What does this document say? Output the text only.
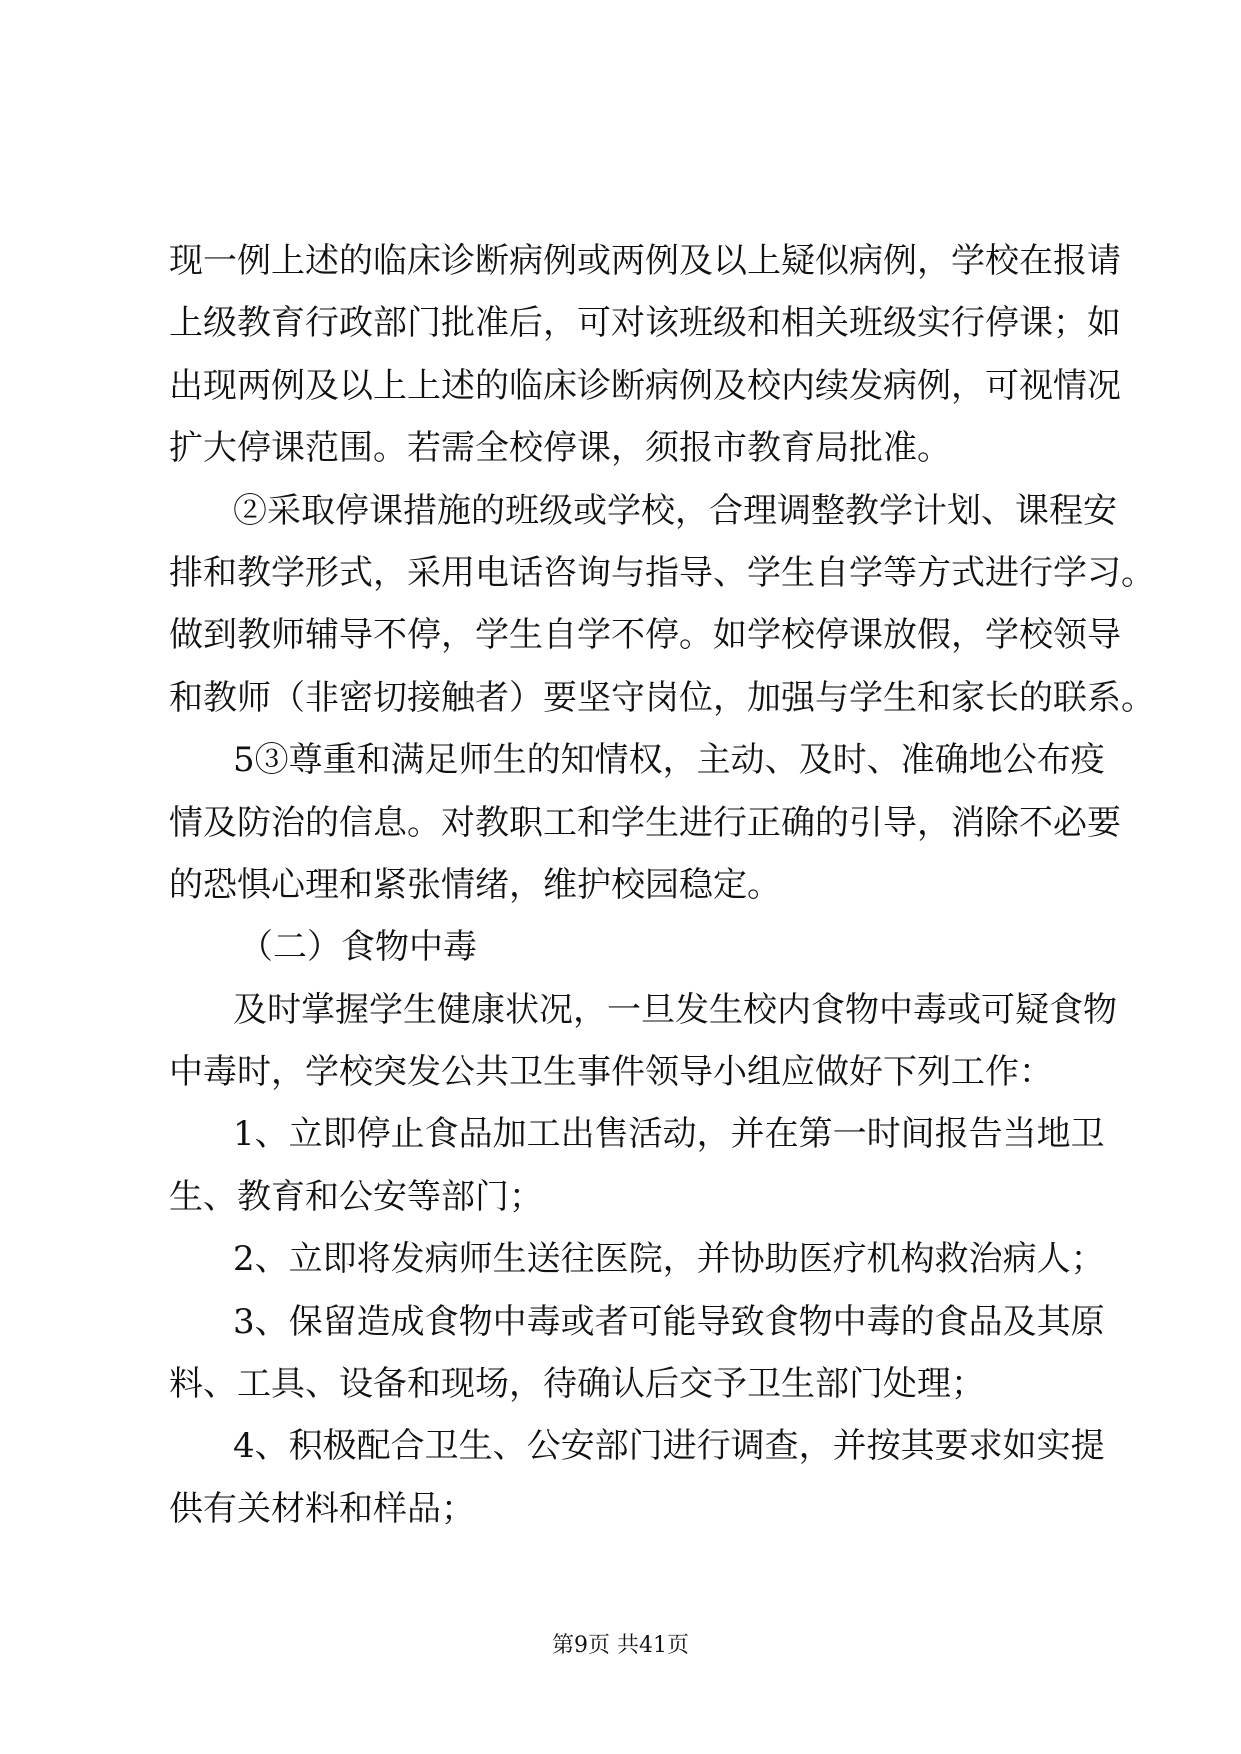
现一例上述的临床诊断病例或两例及以上疑似病例，学校在报请
上级教育行政部门批准后，可对该班级和相关班级实行停课；如
出现两例及以上上述的临床诊断病例及校内续发病例，可视情况
扩大停课范围。若需全校停课，须报市教育局批准。
②采取停课措施的班级或学校，合理调整教学计划、课程安
排和教学形式，采用电话咨询与指导、学生自学等方式进行学习。
做到教师辅导不停，学生自学不停。如学校停课放假，学校领导
和教师（非密切接触者）要坚守岗位，加强与学生和家长的联系。
5③尊重和满足师生的知情权，主动、及时、准确地公布疫
情及防治的信息。对教职工和学生进行正确的引导，消除不必要
的恐惧心理和紧张情绪，维护校园稳定。
（二）食物中毒
及时掌握学生健康状况，一旦发生校内食物中毒或可疑食物
中毒时，学校突发公共卫生事件领导小组应做好下列工作：
1、立即停止食品加工出售活动，并在第一时间报告当地卫
生、教育和公安等部门；
2、立即将发病师生送往医院，并协助医疗机构救治病人；
3、保留造成食物中毒或者可能导致食物中毒的食品及其原
料、工具、设备和现场，待确认后交予卫生部门处理；
4、积极配合卫生、公安部门进行调查，并按其要求如实提
供有关材料和样品；
第9页 共41页
